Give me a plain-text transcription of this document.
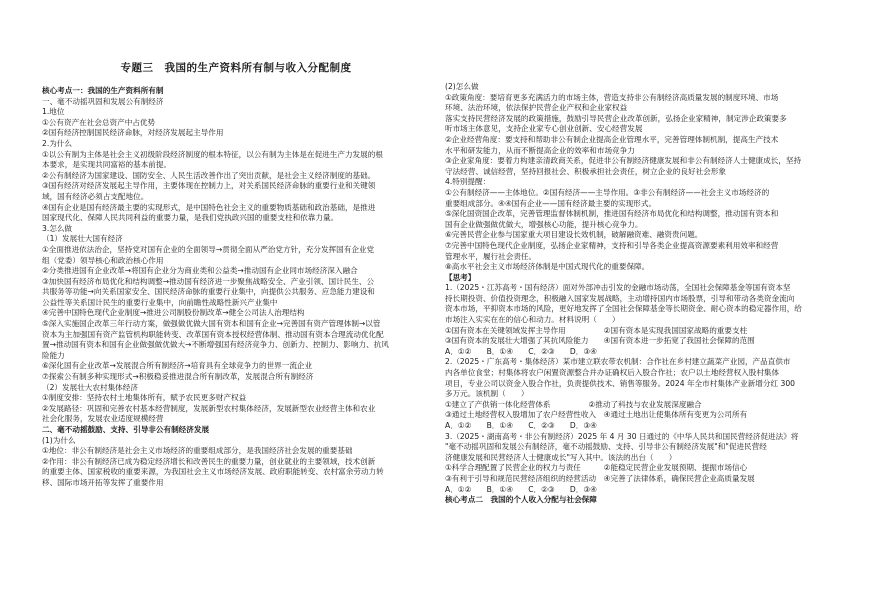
专题三　我国的生产资料所有制与收入分配制度
核心考点一：我国的生产资料所有制
一、毫不动摇巩固和发展公有制经济
1.地位
①公有资产在社会总资产中占优势
②国有经济控制国民经济命脉，对经济发展起主导作用
2.为什么
①以公有制为主体是社会主义初级阶段经济制度的根本特征，以公有制为主体是在促进生产力发展的根
本要求，是实现共同富裕的基本前提。
②公有制经济为国家建设、国防安全、人民生活改善作出了突出贡献，是社会主义经济制度的基础。
③国有经济对经济发展起主导作用，主要体现在控制力上，对关系国民经济命脉的重要行业和关键领
域，国有经济必须占支配地位。
④国有企业是国有经济最主要的实现形式，是中国特色社会主义的重要物质基础和政治基础，是推进
国家现代化、保障人民共同利益的重要力量，是我们党执政兴国的重要支柱和依靠力量。
3.怎么做
（1）发展壮大国有经济
①全面推进依法治企，坚持党对国有企业的全面领导→贯彻全面从严治党方针，充分发挥国有企业党
组（党委）领导核心和政治核心作用
②分类推进国有企业改革→将国有企业分为商业类和公益类→推动国有企业同市场经济深入融合
③加快国有经济布局优化和结构调整→推动国有经济进一步聚焦战略安全、产业引领、国计民生、公
共服务等功能→向关系国家安全、国民经济命脉的重要行业集中，向提供公共服务、应急能力建设和
公益性等关系国计民生的重要行业集中，向前瞻性战略性新兴产业集中
④完善中国特色现代企业制度→推进公司制股份制改革→健全公司法人治理结构
⑤深入实施国企改革三年行动方案，做强做优做大国有资本和国有企业→完善国有资产管理体制→以管
资本为主加强国有资产监管机构职能转变、改革国有资本授权经营体制、推动国有资本合理流动优化配
置→推动国有资本和国有企业做强做优做大→不断增强国有经济竞争力、创新力、控制力、影响力、抗风
险能力
⑥深化国有企业改革→发展混合所有制经济→培育具有全球竞争力的世界一流企业
⑦探索公有制多种实现形式→积极稳妥推进混合所有制改革，发展混合所有制经济
（2）发展壮大农村集体经济
①制度安排：坚持农村土地集体所有，赋予农民更多财产权益
②发展路径：巩固和完善农村基本经营制度，发展新型农村集体经济，发展新型农业经营主体和农业
社会化服务，发展农业适度规模经营
二、毫不动摇鼓励、支持、引导非公有制经济发展
(1)为什么
①地位：非公有制经济是社会主义市场经济的重要组成部分，是我国经济社会发展的重要基础
②作用：非公有制经济已成为稳定经济增长和改善民生的重要力量，创业就业的主要领域，技术创新
的重要主体、国家税收的重要来源，为我国社会主义市场经济发展、政府职能转变、农村富余劳动力转
移、国际市场开拓等发挥了重要作用
(2)怎么做
①政策角度：要培育更多充满活力的市场主体，营造支持非公有制经济高质量发展的制度环境、市场
环境、法治环境，依法保护民营企业产权和企业家权益
落实支持民营经济发展的政策措施，鼓励引导民营企业改革创新，弘扬企业家精神，制定涉企政策要多
听市场主体意见，支持企业家专心创业创新、安心经营发展
②企业经营角度：要支持和帮助非公有制企业提高企业管理水平，完善管理体制机制，提高生产技术
水平和研发能力，从而不断提高企业的效率和市场竞争力
③企业家角度：要着力构建亲清政商关系，促进非公有制经济健康发展和非公有制经济人士健康成长，坚持
守法经营、诚信经营，坚持回报社会、积极承担社会责任，树立企业的良好社会形象
4.特别提醒：
①公有制经济——主体地位。②国有经济——主导作用。③非公有制经济——社会主义市场经济的
重要组成部分。④④国有企业——国有经济最主要的实现形式。
⑤深化国资国企改革，完善管理监督体制机制，推进国有经济布局优化和结构调整，推动国有资本和
国有企业做强做优做大，增强核心功能，提升核心竞争力。
⑥完善民营企业参与国家重大项目建设长效机制，破解融资难、融资贵问题。
⑦完善中国特色现代企业制度，弘扬企业家精神，支持和引导各类企业提高资源要素利用效率和经营
管理水平，履行社会责任。
⑧高水平社会主义市场经济体制是中国式现代化的重要保障。
【思考】
1.（2025・江苏高考・国有经济）面对外部冲击引发的金融市场动荡，全国社会保障基金等国有资本坚
持长期投资、价值投资理念，积极融入国家发展战略，主动增持国内市场股票，引导和带动各类资金流向
资本市场，平抑资本市场的风险，更好地发挥了全国社会保障基金等长期资金、耐心资本的稳定器作用，给
市场注入实实在在的信心和动力。材料说明（　　）
①国有资本在关键领域发挥主导作用　　　　　②国有资本是实现我国国家战略的重要支柱
③国有资本的发展壮大增强了其抗风险能力　　④国有资本进一步拓宽了我国社会保障的范围
A．①②　　B．①④　　C．②③　　D．③④
2.（2025・广东高考・集体经济）某市建立联农带农机制：合作社在乡村建立蔬菜产业园，产品直供市
内各单位食堂；村集体将农户闲置资源整合并办证确权后入股合作社；农户以土地经营权入股村集体
项目，专业公司以资金入股合作社，负责提供技术、销售等服务。2024 年全市村集体产业新增分红 300
多万元。该机制（　　）
①建立了产供销一体化经营体系　　　　　②推动了科技与农业发展深度融合
③通过土地经营权入股增加了农户经营性收入　④通过土地出让使集体所有变更为公司所有
A．①②　　B．①④　　C．②③　　D．③④
3.（2025・湖南高考・非公有制经济）2025 年 4 月 30 日通过的《中华人民共和国民营经济促进法》将
"毫不动摇巩固和发展公有制经济，毫不动摇鼓励、支持、引导非公有制经济发展"和"促进民营经
济健康发展和民营经济人士健康成长"写入其中。该法的出台（　　）
①科学合理配置了民营企业的权力与责任　　　②能稳定民营企业发展预期、提振市场信心
③有利于引导和规范民营经济组织的经营活动　④完善了法律体系，确保民营企业高质量发展
A．①②　　B．①④　　C．②③　　D．③④
核心考点二　我国的个人收入分配与社会保障
